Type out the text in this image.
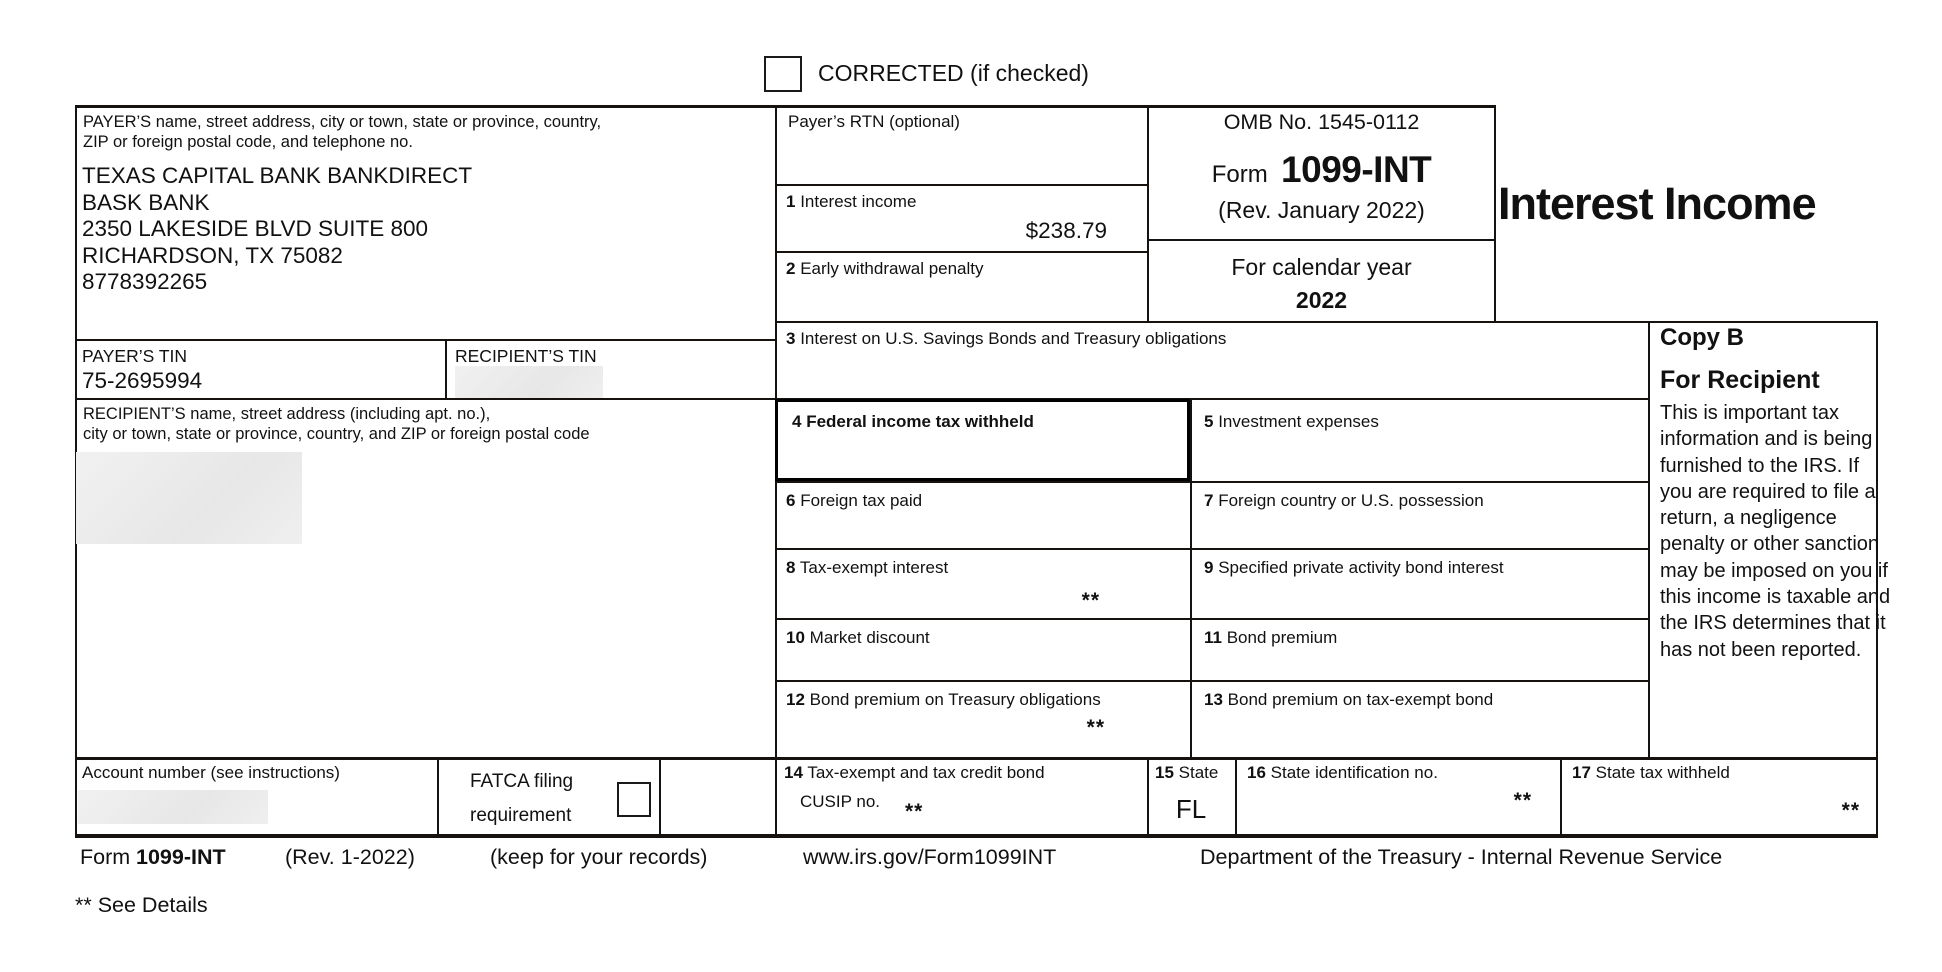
CORRECTED (if checked)
PAYER’S name, street address, city or town, state or province, country,
ZIP or foreign postal code, and telephone no.
TEXAS CAPITAL BANK BANKDIRECT
BASK BANK
2350 LAKESIDE BLVD SUITE 800
RICHARDSON, TX 75082
8778392265
PAYER’S TIN
75-2695994
RECIPIENT’S TIN
RECIPIENT’S name, street address (including apt. no.),
city or town, state or province, country, and ZIP or foreign postal code
Payer’s RTN (optional)
1 Interest income
$238.79
2 Early withdrawal penalty
3 Interest on U.S. Savings Bonds and Treasury obligations
4 Federal income tax withheld	5 Investment expenses
6 Foreign tax paid	7 Foreign country or U.S. possession
8 Tax-exempt interest
**
9 Specified private activity bond interest
10 Market discount	11 Bond premium
12 Bond premium on Treasury obligations
**
13 Bond premium on tax-exempt bond
OMB No. 1545-0112
Form 1099-INT
(Rev. January 2022)
For calendar year
2022
Interest Income
Copy B
For Recipient
This is important tax information and is being furnished to the IRS. If you are required to file a return, a negligence penalty or other sanction may be imposed on you if this income is taxable and the IRS determines that it has not been reported.
Account number (see instructions)	FATCA filing
requirement
14 Tax-exempt and tax credit bond
CUSIP no. **
15 State
FL
16 State identification no.
**
17 State tax withheld
**
Form 1099-INT	(Rev. 1-2022)	(keep for your records)	www.irs.gov/Form1099INT	Department of the Treasury - Internal Revenue Service
** See Details
